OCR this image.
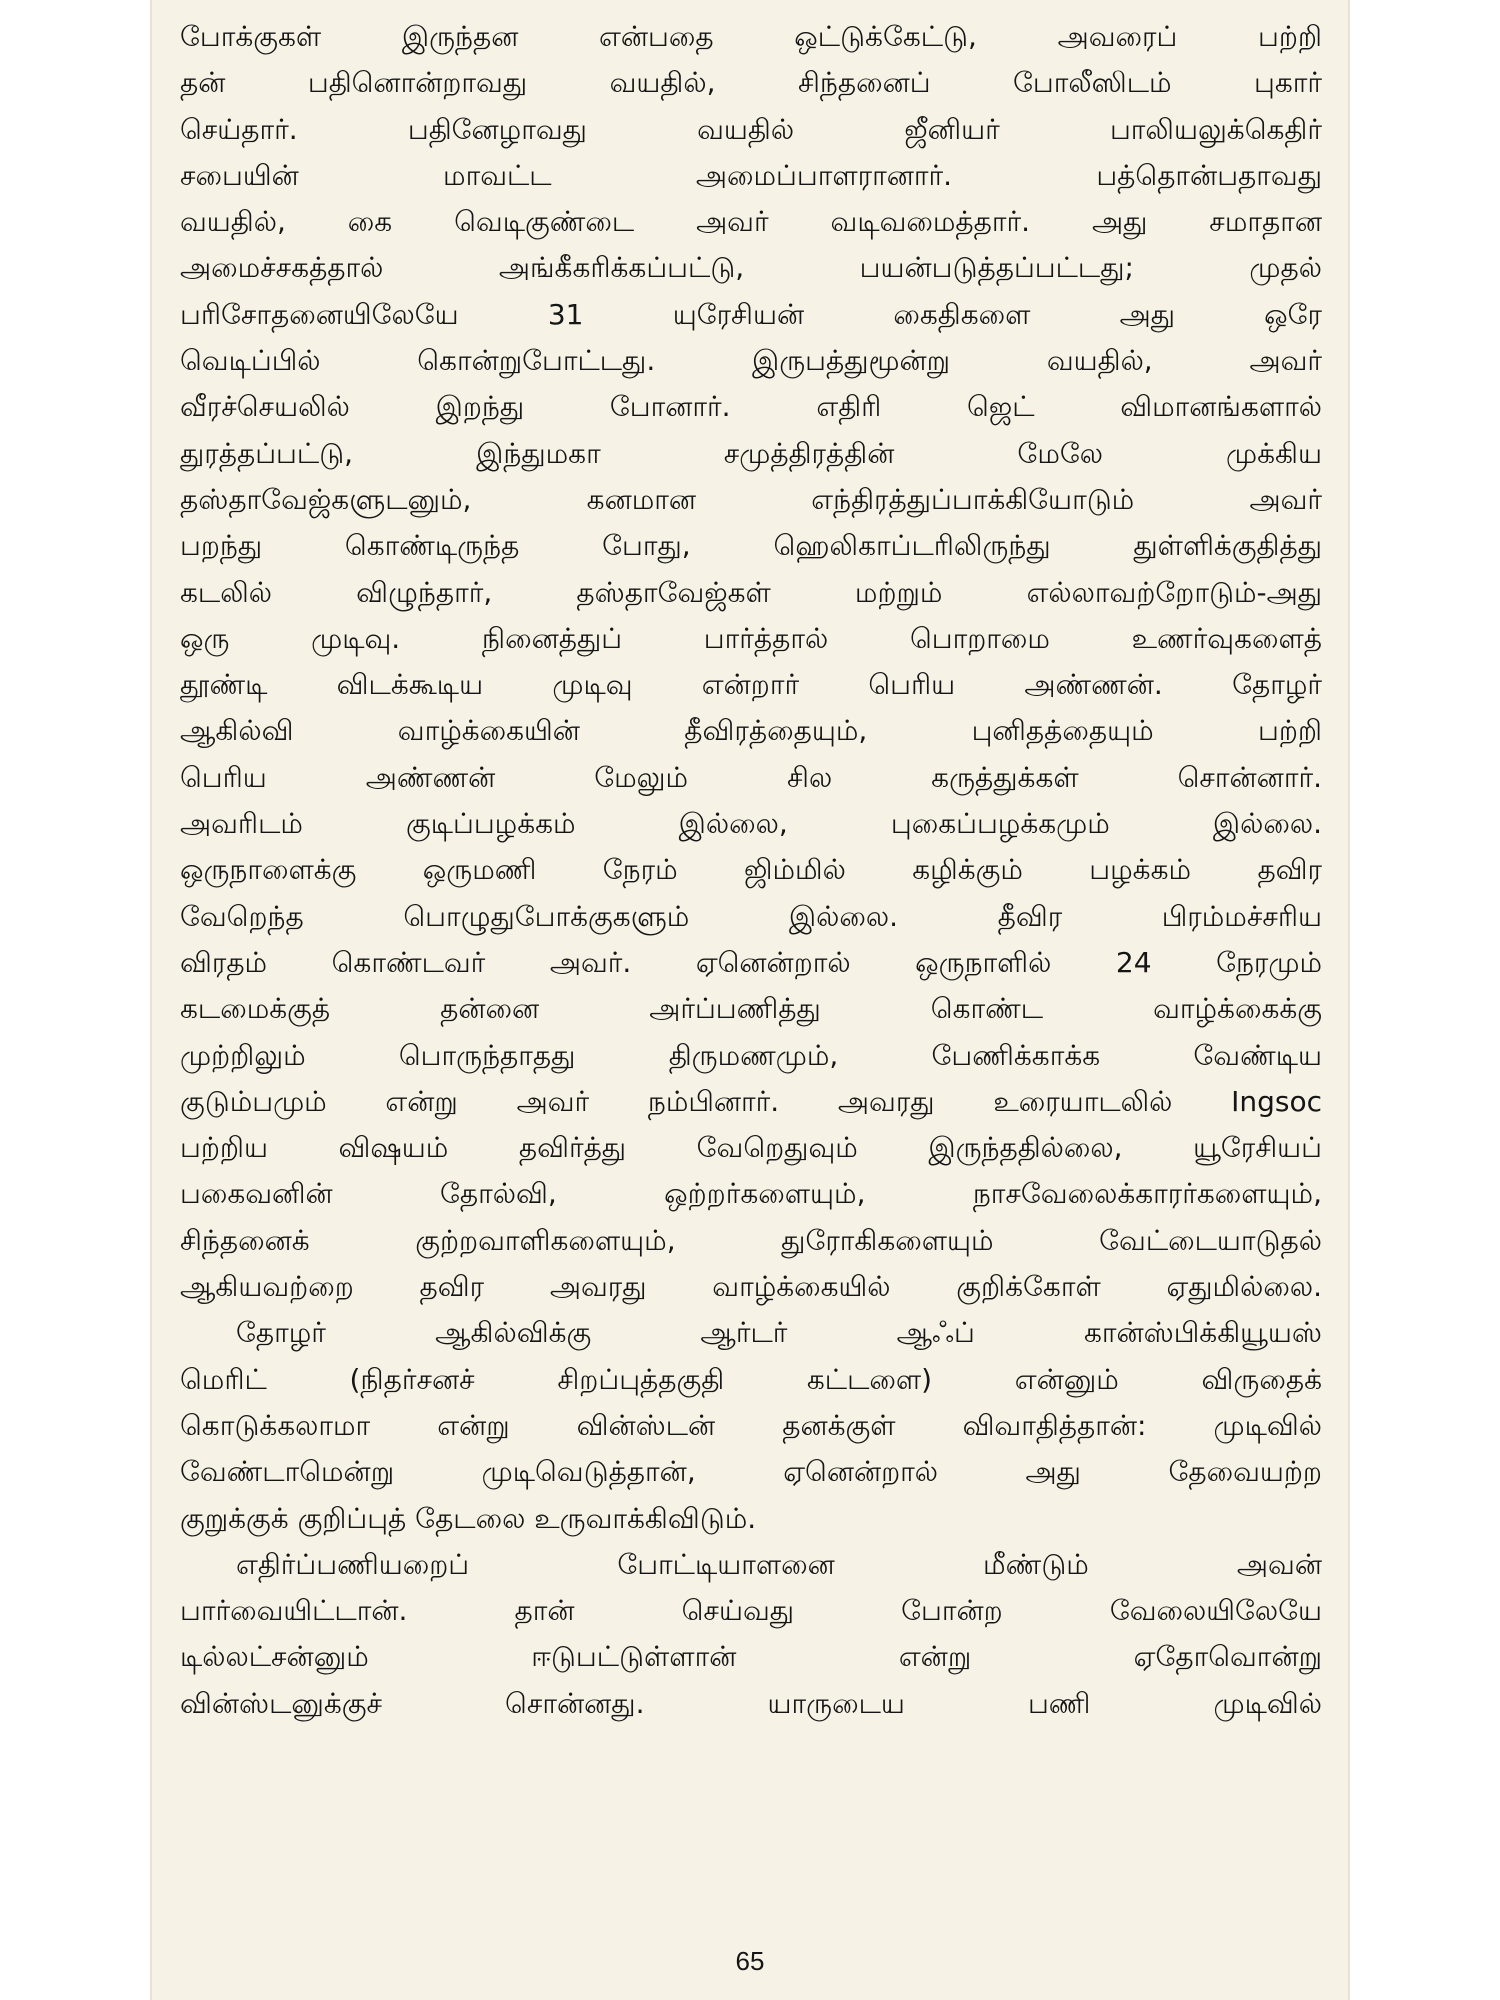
போக்குகள் இருந்தன என்பதை ஒட்டுக்கேட்டு, அவரைப் பற்றி
தன் பதினொன்றாவது வயதில், சிந்தனைப் போலீஸிடம் புகார்
செய்தார். பதினேழாவது வயதில் ஜீனியர் பாலியலுக்கெதிர்
சபையின் மாவட்ட அமைப்பாளரானார். பத்தொன்பதாவது
வயதில், கை வெடிகுண்டை அவர் வடிவமைத்தார். அது சமாதான
அமைச்சகத்தால் அங்கீகரிக்கப்பட்டு, பயன்படுத்தப்பட்டது; முதல்
பரிசோதனையிலேயே 31 யுரேசியன் கைதிகளை அது ஒரே
வெடிப்பில் கொன்றுபோட்டது. இருபத்துமூன்று வயதில், அவர்
வீரச்செயலில் இறந்து போனார். எதிரி ஜெட் விமானங்களால்
துரத்தப்பட்டு, இந்துமகா சமுத்திரத்தின் மேலே முக்கிய
தஸ்தாவேஜ்களுடனும், கனமான எந்திரத்துப்பாக்கியோடும் அவர்
பறந்து கொண்டிருந்த போது, ஹெலிகாப்டரிலிருந்து துள்ளிக்குதித்து
கடலில் விழுந்தார், தஸ்தாவேஜ்கள் மற்றும் எல்லாவற்றோடும்-அது
ஒரு முடிவு. நினைத்துப் பார்த்தால் பொறாமை உணர்வுகளைத்
தூண்டி விடக்கூடிய முடிவு என்றார் பெரிய அண்ணன். தோழர்
ஆகில்வி வாழ்க்கையின் தீவிரத்தையும், புனிதத்தையும் பற்றி
பெரிய அண்ணன் மேலும் சில கருத்துக்கள் சொன்னார்.
அவரிடம் குடிப்பழக்கம் இல்லை, புகைப்பழக்கமும் இல்லை.
ஒருநாளைக்கு ஒருமணி நேரம் ஜிம்மில் கழிக்கும் பழக்கம் தவிர
வேறெந்த பொழுதுபோக்குகளும் இல்லை. தீவிர பிரம்மச்சரிய
விரதம் கொண்டவர் அவர். ஏனென்றால் ஒருநாளில் 24 நேரமும்
கடமைக்குத் தன்னை அர்ப்பணித்து கொண்ட வாழ்க்கைக்கு
முற்றிலும் பொருந்தாதது திருமணமும், பேணிக்காக்க வேண்டிய
குடும்பமும் என்று அவர் நம்பினார். அவரது உரையாடலில் Ingsoc
பற்றிய விஷயம் தவிர்த்து வேறெதுவும் இருந்ததில்லை, யூரேசியப்
பகைவனின் தோல்வி, ஒற்றர்களையும், நாசவேலைக்காரர்களையும்,
சிந்தனைக் குற்றவாளிகளையும், துரோகிகளையும் வேட்டையாடுதல்
ஆகியவற்றை தவிர அவரது வாழ்க்கையில் குறிக்கோள் ஏதுமில்லை.
தோழர் ஆகில்விக்கு ஆர்டர் ஆஃப் கான்ஸ்பிக்கியூயஸ்
மெரிட் (நிதர்சனச் சிறப்புத்தகுதி கட்டளை) என்னும் விருதைக்
கொடுக்கலாமா என்று வின்ஸ்டன் தனக்குள் விவாதித்தான்: முடிவில்
வேண்டாமென்று முடிவெடுத்தான், ஏனென்றால் அது தேவையற்ற
குறுக்குக் குறிப்புத் தேடலை உருவாக்கிவிடும்.
எதிர்ப்பணியறைப் போட்டியாளனை மீண்டும் அவன்
பார்வையிட்டான். தான் செய்வது போன்ற வேலையிலேயே
டில்லட்சன்னும் ஈடுபட்டுள்ளான் என்று ஏதோவொன்று
வின்ஸ்டனுக்குச் சொன்னது. யாருடைய பணி முடிவில்
65
